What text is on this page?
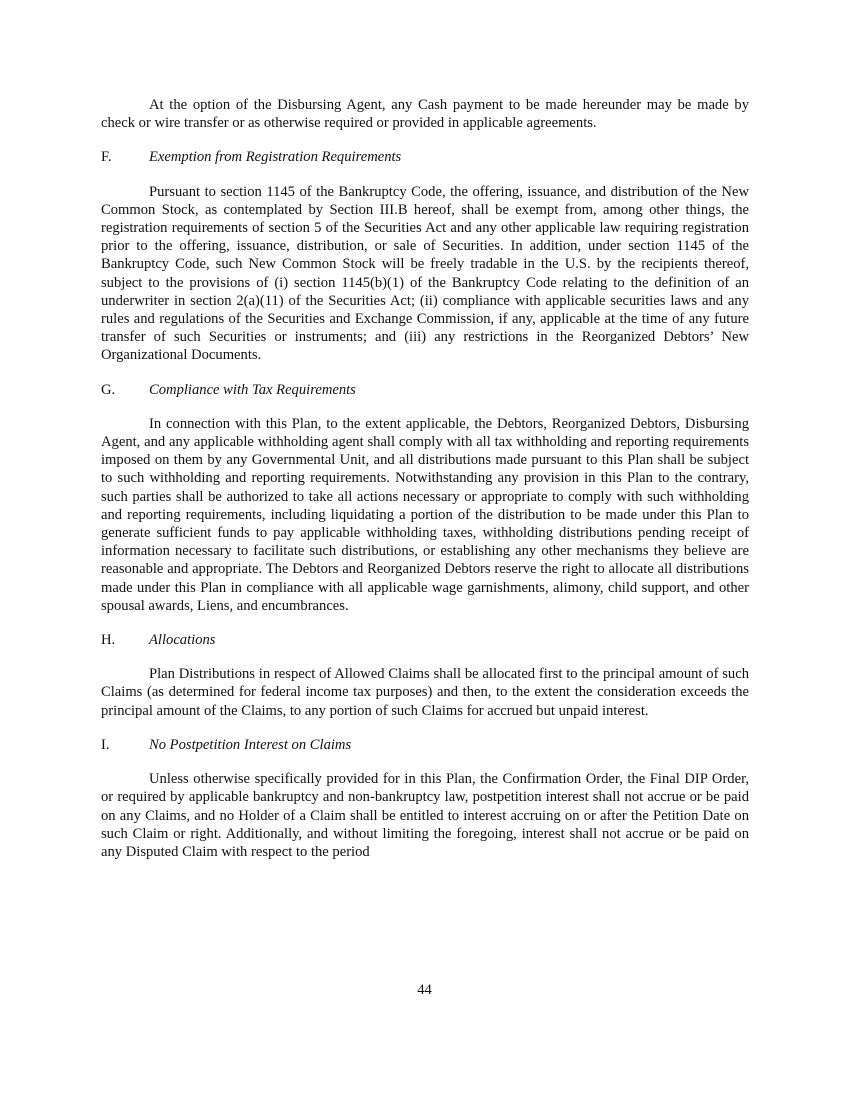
At the option of the Disbursing Agent, any Cash payment to be made hereunder may be made by check or wire transfer or as otherwise required or provided in applicable agreements.

F.	Exemption from Registration Requirements

Pursuant to section 1145 of the Bankruptcy Code, the offering, issuance, and distribution of the New Common Stock, as contemplated by Section III.B hereof, shall be exempt from, among other things, the registration requirements of section 5 of the Securities Act and any other applicable law requiring registration prior to the offering, issuance, distribution, or sale of Securities. In addition, under section 1145 of the Bankruptcy Code, such New Common Stock will be freely tradable in the U.S. by the recipients thereof, subject to the provisions of (i) section 1145(b)(1) of the Bankruptcy Code relating to the definition of an underwriter in section 2(a)(11) of the Securities Act; (ii) compliance with applicable securities laws and any rules and regulations of the Securities and Exchange Commission, if any, applicable at the time of any future transfer of such Securities or instruments; and (iii) any restrictions in the Reorganized Debtors’ New Organizational Documents.

G.	Compliance with Tax Requirements

In connection with this Plan, to the extent applicable, the Debtors, Reorganized Debtors, Disbursing Agent, and any applicable withholding agent shall comply with all tax withholding and reporting requirements imposed on them by any Governmental Unit, and all distributions made pursuant to this Plan shall be subject to such withholding and reporting requirements. Notwithstanding any provision in this Plan to the contrary, such parties shall be authorized to take all actions necessary or appropriate to comply with such withholding and reporting requirements, including liquidating a portion of the distribution to be made under this Plan to generate sufficient funds to pay applicable withholding taxes, withholding distributions pending receipt of information necessary to facilitate such distributions, or establishing any other mechanisms they believe are reasonable and appropriate. The Debtors and Reorganized Debtors reserve the right to allocate all distributions made under this Plan in compliance with all applicable wage garnishments, alimony, child support, and other spousal awards, Liens, and encumbrances.

H.	Allocations

Plan Distributions in respect of Allowed Claims shall be allocated first to the principal amount of such Claims (as determined for federal income tax purposes) and then, to the extent the consideration exceeds the principal amount of the Claims, to any portion of such Claims for accrued but unpaid interest.

I.	No Postpetition Interest on Claims

Unless otherwise specifically provided for in this Plan, the Confirmation Order, the Final DIP Order, or required by applicable bankruptcy and non-bankruptcy law, postpetition interest shall not accrue or be paid on any Claims, and no Holder of a Claim shall be entitled to interest accruing on or after the Petition Date on such Claim or right. Additionally, and without limiting the foregoing, interest shall not accrue or be paid on any Disputed Claim with respect to the period

44
